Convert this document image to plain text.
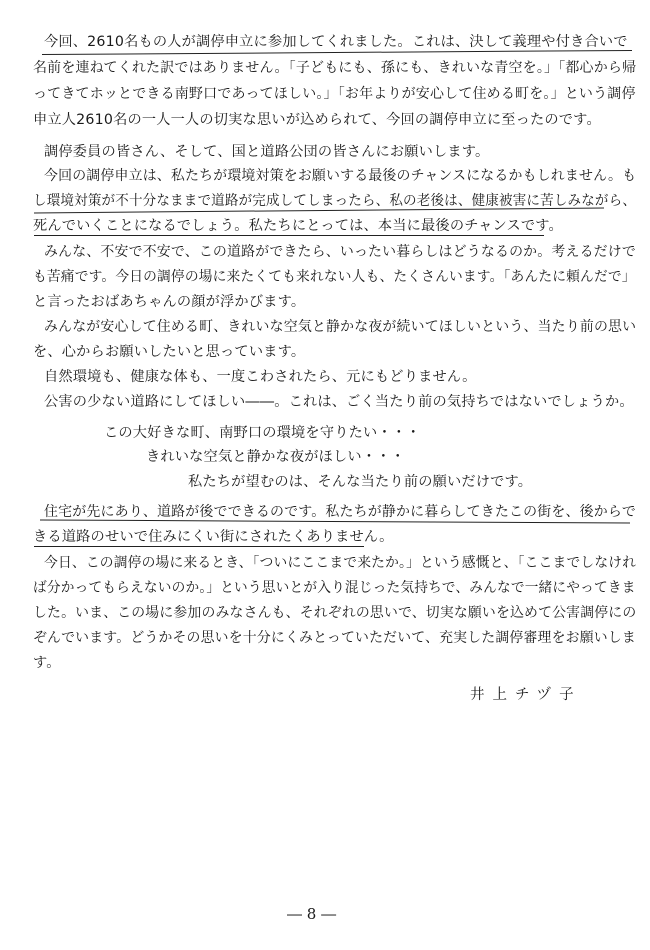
今回、2610名もの人が調停申立に参加してくれました。これは、決して義理や付き合いで
名前を連ねてくれた訳ではありません。「子どもにも、孫にも、きれいな青空を。」「都心から帰
ってきてホッとできる南野口であってほしい。」「お年よりが安心して住める町を。」という調停
申立人2610名の一人一人の切実な思いが込められて、今回の調停申立に至ったのです。
調停委員の皆さん、そして、国と道路公団の皆さんにお願いします。
今回の調停申立は、私たちが環境対策をお願いする最後のチャンスになるかもしれません。も
し環境対策が不十分なままで道路が完成してしまったら、私の老後は、健康被害に苦しみながら、
死んでいくことになるでしょう。私たちにとっては、本当に最後のチャンスです。
みんな、不安で不安で、この道路ができたら、いったい暮らしはどうなるのか。考えるだけで
も苦痛です。今日の調停の場に来たくても来れない人も、たくさんいます。「あんたに頼んだで」
と言ったおばあちゃんの顔が浮かびます。
みんなが安心して住める町、きれいな空気と静かな夜が続いてほしいという、当たり前の思い
を、心からお願いしたいと思っています。
自然環境も、健康な体も、一度こわされたら、元にもどりません。
公害の少ない道路にしてほしい――。これは、ごく当たり前の気持ちではないでしょうか。
この大好きな町、南野口の環境を守りたい・・・
きれいな空気と静かな夜がほしい・・・
私たちが望むのは、そんな当たり前の願いだけです。
住宅が先にあり、道路が後でできるのです。私たちが静かに暮らしてきたこの街を、後からで
きる道路のせいで住みにくい街にされたくありません。
今日、この調停の場に来るとき、「ついにここまで来たか。」という感慨と、「ここまでしなけれ
ば分かってもらえないのか。」という思いとが入り混じった気持ちで、みんなで一緒にやってきま
した。いま、この場に参加のみなさんも、それぞれの思いで、切実な願いを込めて公害調停にの
ぞんでいます。どうかその思いを十分にくみとっていただいて、充実した調停審理をお願いしま
す。
井上チヅ子
― 8 ―
